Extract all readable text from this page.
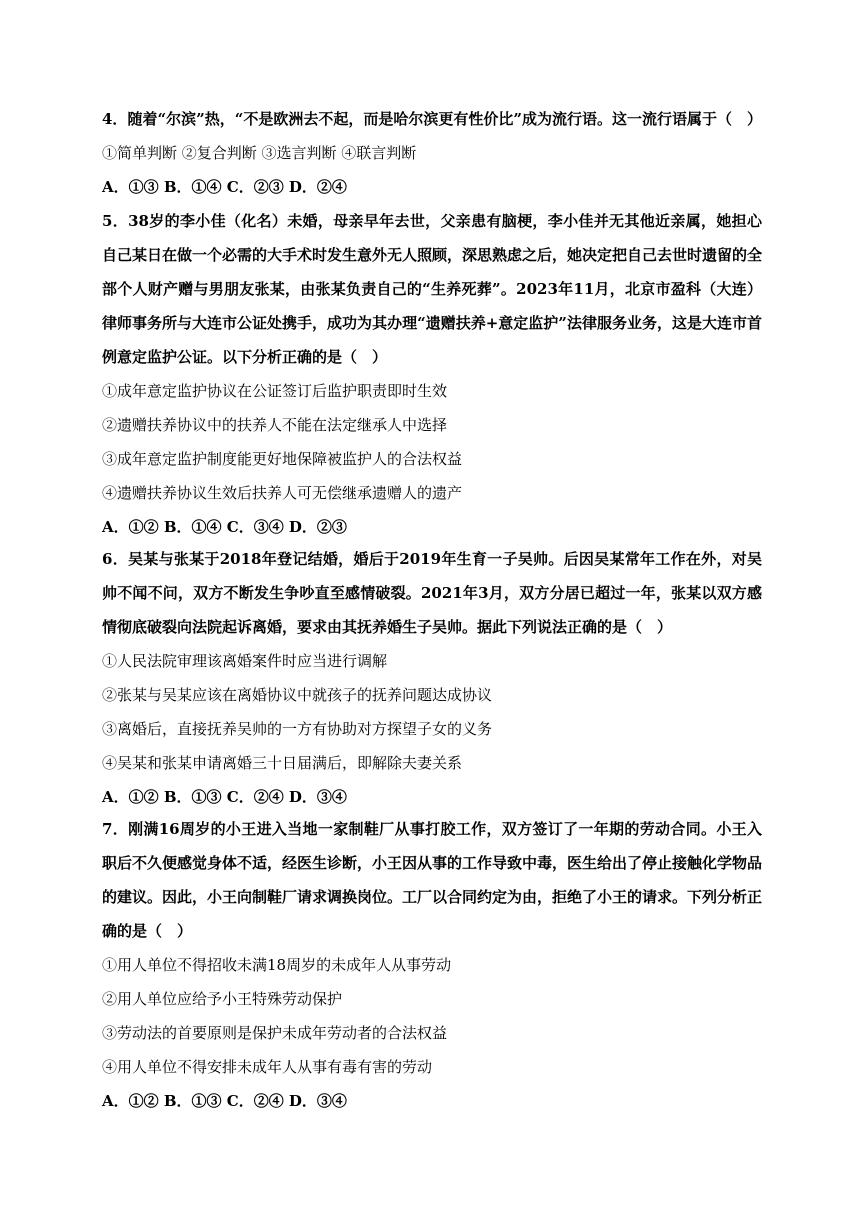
4．随着“尔滨”热，“不是欧洲去不起，而是哈尔滨更有性价比”成为流行语。这一流行语属于（　）

①简单判断 ②复合判断 ③选言判断 ④联言判断

A．①③ B．①④ C．②③ D．②④

5．38岁的李小佳（化名）未婚，母亲早年去世，父亲患有脑梗，李小佳并无其他近亲属，她担心自己某日在做一个必需的大手术时发生意外无人照顾，深思熟虑之后，她决定把自己去世时遗留的全部个人财产赠与男朋友张某，由张某负责自己的“生养死葬”。2023年11月，北京市盈科（大连）律师事务所与大连市公证处携手，成功为其办理“遗赠扶养+意定监护”法律服务业务，这是大连市首例意定监护公证。以下分析正确的是（　）

①成年意定监护协议在公证签订后监护职责即时生效

②遗赠扶养协议中的扶养人不能在法定继承人中选择

③成年意定监护制度能更好地保障被监护人的合法权益

④遗赠扶养协议生效后扶养人可无偿继承遗赠人的遗产

A．①② B．①④ C．③④ D．②③

6．吴某与张某于2018年登记结婚，婚后于2019年生育一子吴帅。后因吴某常年工作在外，对吴帅不闻不问，双方不断发生争吵直至感情破裂。2021年3月，双方分居已超过一年，张某以双方感情彻底破裂向法院起诉离婚，要求由其抚养婚生子吴帅。据此下列说法正确的是（　）

①人民法院审理该离婚案件时应当进行调解

②张某与吴某应该在离婚协议中就孩子的抚养问题达成协议

③离婚后，直接抚养吴帅的一方有协助对方探望子女的义务

④吴某和张某申请离婚三十日届满后，即解除夫妻关系

A．①② B．①③ C．②④ D．③④

7．刚满16周岁的小王进入当地一家制鞋厂从事打胶工作，双方签订了一年期的劳动合同。小王入职后不久便感觉身体不适，经医生诊断，小王因从事的工作导致中毒，医生给出了停止接触化学物品的建议。因此，小王向制鞋厂请求调换岗位。工厂以合同约定为由，拒绝了小王的请求。下列分析正确的是（　）

①用人单位不得招收未满18周岁的未成年人从事劳动

②用人单位应给予小王特殊劳动保护

③劳动法的首要原则是保护未成年劳动者的合法权益

④用人单位不得安排未成年人从事有毒有害的劳动

A．①② B．①③ C．②④ D．③④
